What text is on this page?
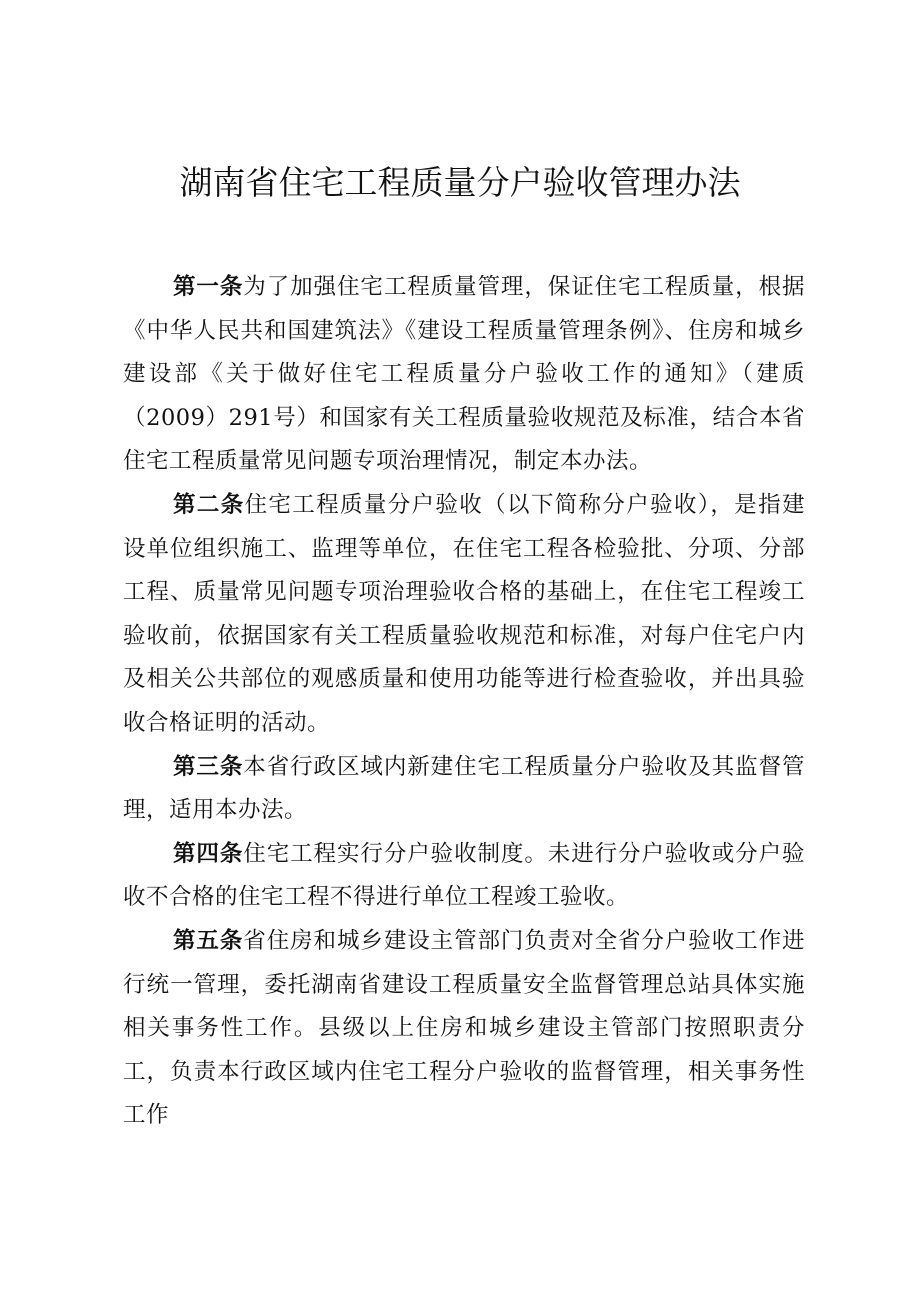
湖南省住宅工程质量分户验收管理办法

第一条为了加强住宅工程质量管理，保证住宅工程质量，根据《中华人民共和国建筑法》《建设工程质量管理条例》、住房和城乡建设部《关于做好住宅工程质量分户验收工作的通知》（建质（2009）291号）和国家有关工程质量验收规范及标准，结合本省住宅工程质量常见问题专项治理情况，制定本办法。

第二条住宅工程质量分户验收（以下简称分户验收），是指建设单位组织施工、监理等单位，在住宅工程各检验批、分项、分部工程、质量常见问题专项治理验收合格的基础上，在住宅工程竣工验收前，依据国家有关工程质量验收规范和标准，对每户住宅户内及相关公共部位的观感质量和使用功能等进行检查验收，并出具验收合格证明的活动。

第三条本省行政区域内新建住宅工程质量分户验收及其监督管理，适用本办法。

第四条住宅工程实行分户验收制度。未进行分户验收或分户验收不合格的住宅工程不得进行单位工程竣工验收。

第五条省住房和城乡建设主管部门负责对全省分户验收工作进行统一管理，委托湖南省建设工程质量安全监督管理总站具体实施相关事务性工作。县级以上住房和城乡建设主管部门按照职责分工，负责本行政区域内住宅工程分户验收的监督管理，相关事务性工作
